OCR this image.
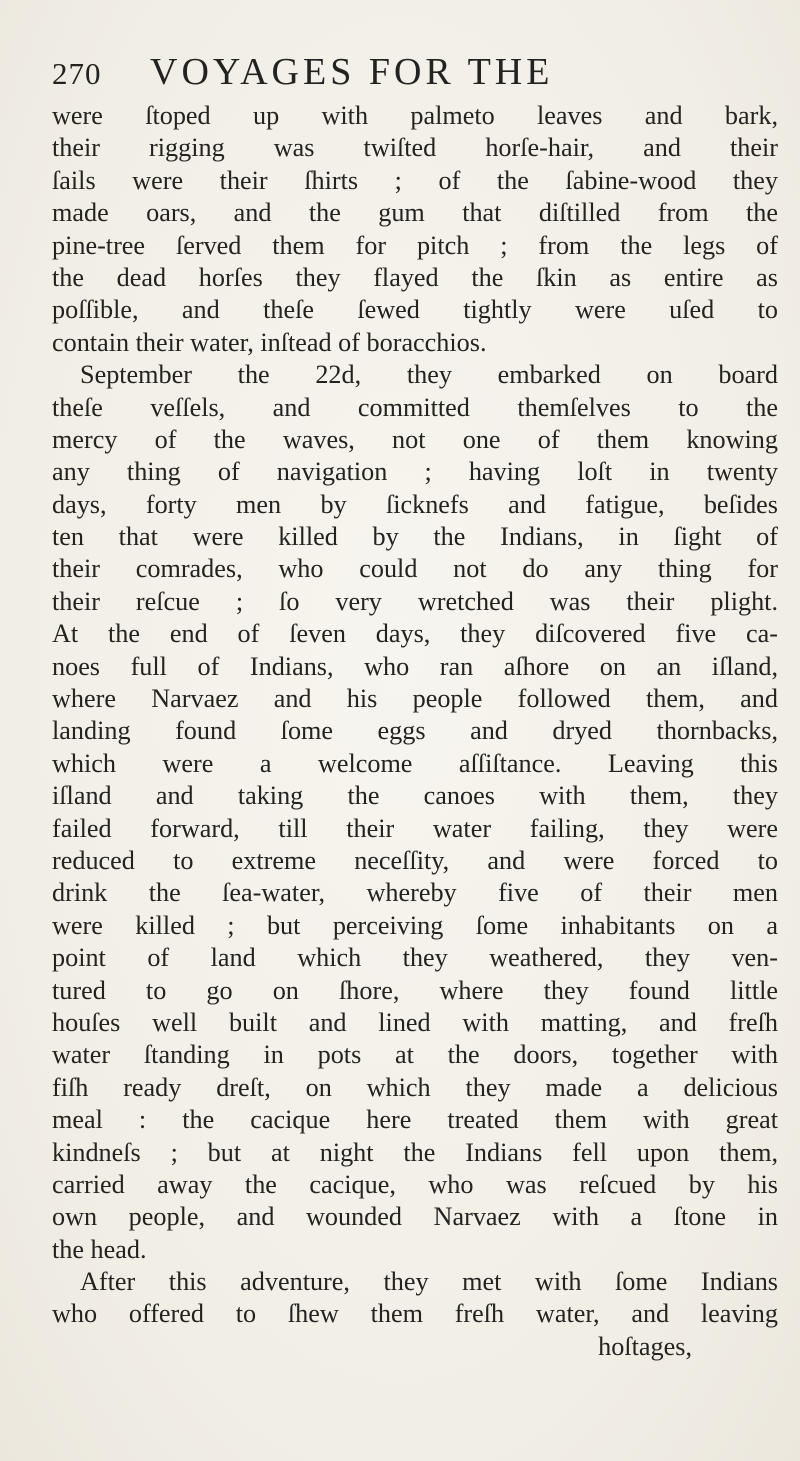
270 VOYAGES FOR THE
were ſtoped up with palmeto leaves and bark,
their rigging was twiſted horſe-hair, and their
ſails were their ſhirts ; of the ſabine-wood they
made oars, and the gum that diſtilled from the
pine-tree ſerved them for pitch ; from the legs of
the dead horſes they flayed the ſkin as entire as
poſſible, and theſe ſewed tightly were uſed to
contain their water, inſtead of boracchios.
September the 22d, they embarked on board
theſe veſſels, and committed themſelves to the
mercy of the waves, not one of them knowing
any thing of navigation ; having loſt in twenty
days, forty men by ſicknefs and fatigue, beſides
ten that were killed by the Indians, in ſight of
their comrades, who could not do any thing for
their reſcue ; ſo very wretched was their plight.
At the end of ſeven days, they diſcovered five ca-
noes full of Indians, who ran aſhore on an iſland,
where Narvaez and his people followed them, and
landing found ſome eggs and dryed thornbacks,
which were a welcome aſſiſtance. Leaving this
iſland and taking the canoes with them, they
failed forward, till their water failing, they were
reduced to extreme neceſſity, and were forced to
drink the ſea-water, whereby five of their men
were killed ; but perceiving ſome inhabitants on a
point of land which they weathered, they ven-
tured to go on ſhore, where they found little
houſes well built and lined with matting, and freſh
water ſtanding in pots at the doors, together with
fiſh ready dreſt, on which they made a delicious
meal : the cacique here treated them with great
kindneſs ; but at night the Indians fell upon them,
carried away the cacique, who was reſcued by his
own people, and wounded Narvaez with a ſtone in
the head.
After this adventure, they met with ſome Indians
who offered to ſhew them freſh water, and leaving
hoſtages,
